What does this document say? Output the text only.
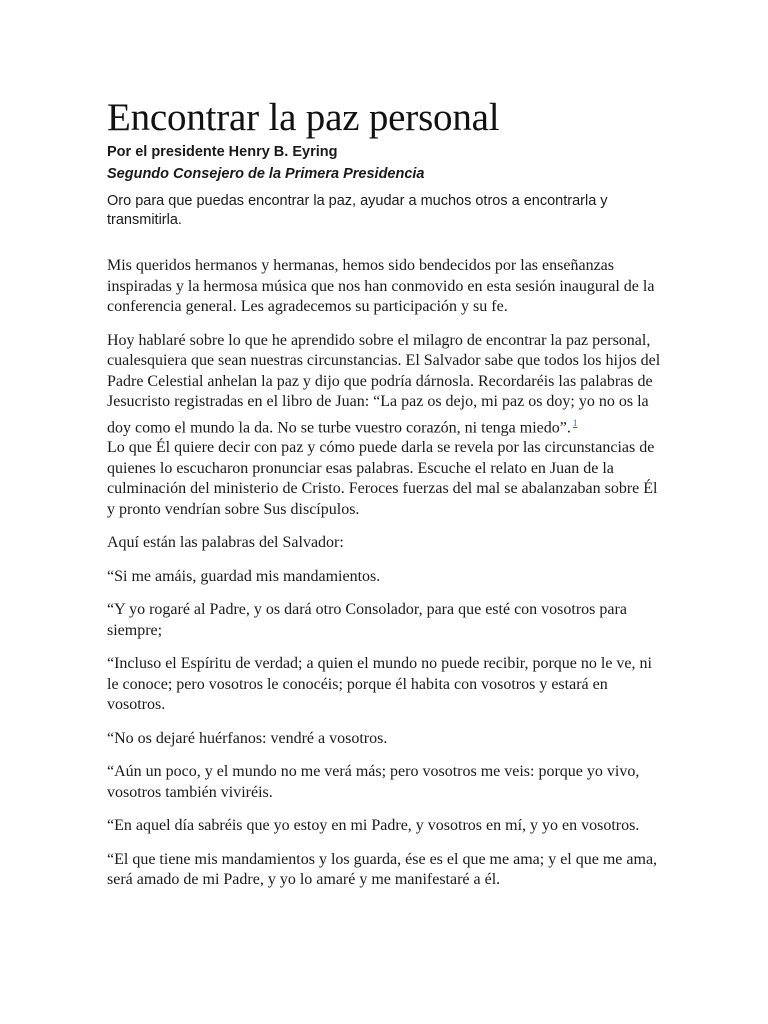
Encontrar la paz personal
Por el presidente Henry B. Eyring
Segundo Consejero de la Primera Presidencia
Oro para que puedas encontrar la paz, ayudar a muchos otros a encontrarla y transmitirla.

Mis queridos hermanos y hermanas, hemos sido bendecidos por las enseñanzas inspiradas y la hermosa música que nos han conmovido en esta sesión inaugural de la conferencia general. Les agradecemos su participación y su fe.

Hoy hablaré sobre lo que he aprendido sobre el milagro de encontrar la paz personal, cualesquiera que sean nuestras circunstancias. El Salvador sabe que todos los hijos del Padre Celestial anhelan la paz y dijo que podría dárnosla. Recordaréis las palabras de Jesucristo registradas en el libro de Juan: “La paz os dejo, mi paz os doy; yo no os la doy como el mundo la da. No se turbe vuestro corazón, ni tenga miedo”. $^1$

Lo que Él quiere decir con paz y cómo puede darla se revela por las circunstancias de quienes lo escucharon pronunciar esas palabras. Escuche el relato en Juan de la culminación del ministerio de Cristo. Feroces fuerzas del mal se abalanzaban sobre Él y pronto vendrían sobre Sus discípulos.

Aquí están las palabras del Salvador:

“Si me amáis, guardad mis mandamientos.

“Y yo rogaré al Padre, y os dará otro Consolador, para que esté con vosotros para siempre;

“Incluso el Espíritu de verdad; a quien el mundo no puede recibir, porque no le ve, ni le conoce; pero vosotros le conocéis; porque él habita con vosotros y estará en vosotros.

“No os dejaré huérfanos: vendré a vosotros.

“Aún un poco, y el mundo no me verá más; pero vosotros me veis: porque yo vivo, vosotros también viviréis.

“En aquel día sabréis que yo estoy en mi Padre, y vosotros en mí, y yo en vosotros.

“El que tiene mis mandamientos y los guarda, ése es el que me ama; y el que me ama, será amado de mi Padre, y yo lo amaré y me manifestaré a él.
